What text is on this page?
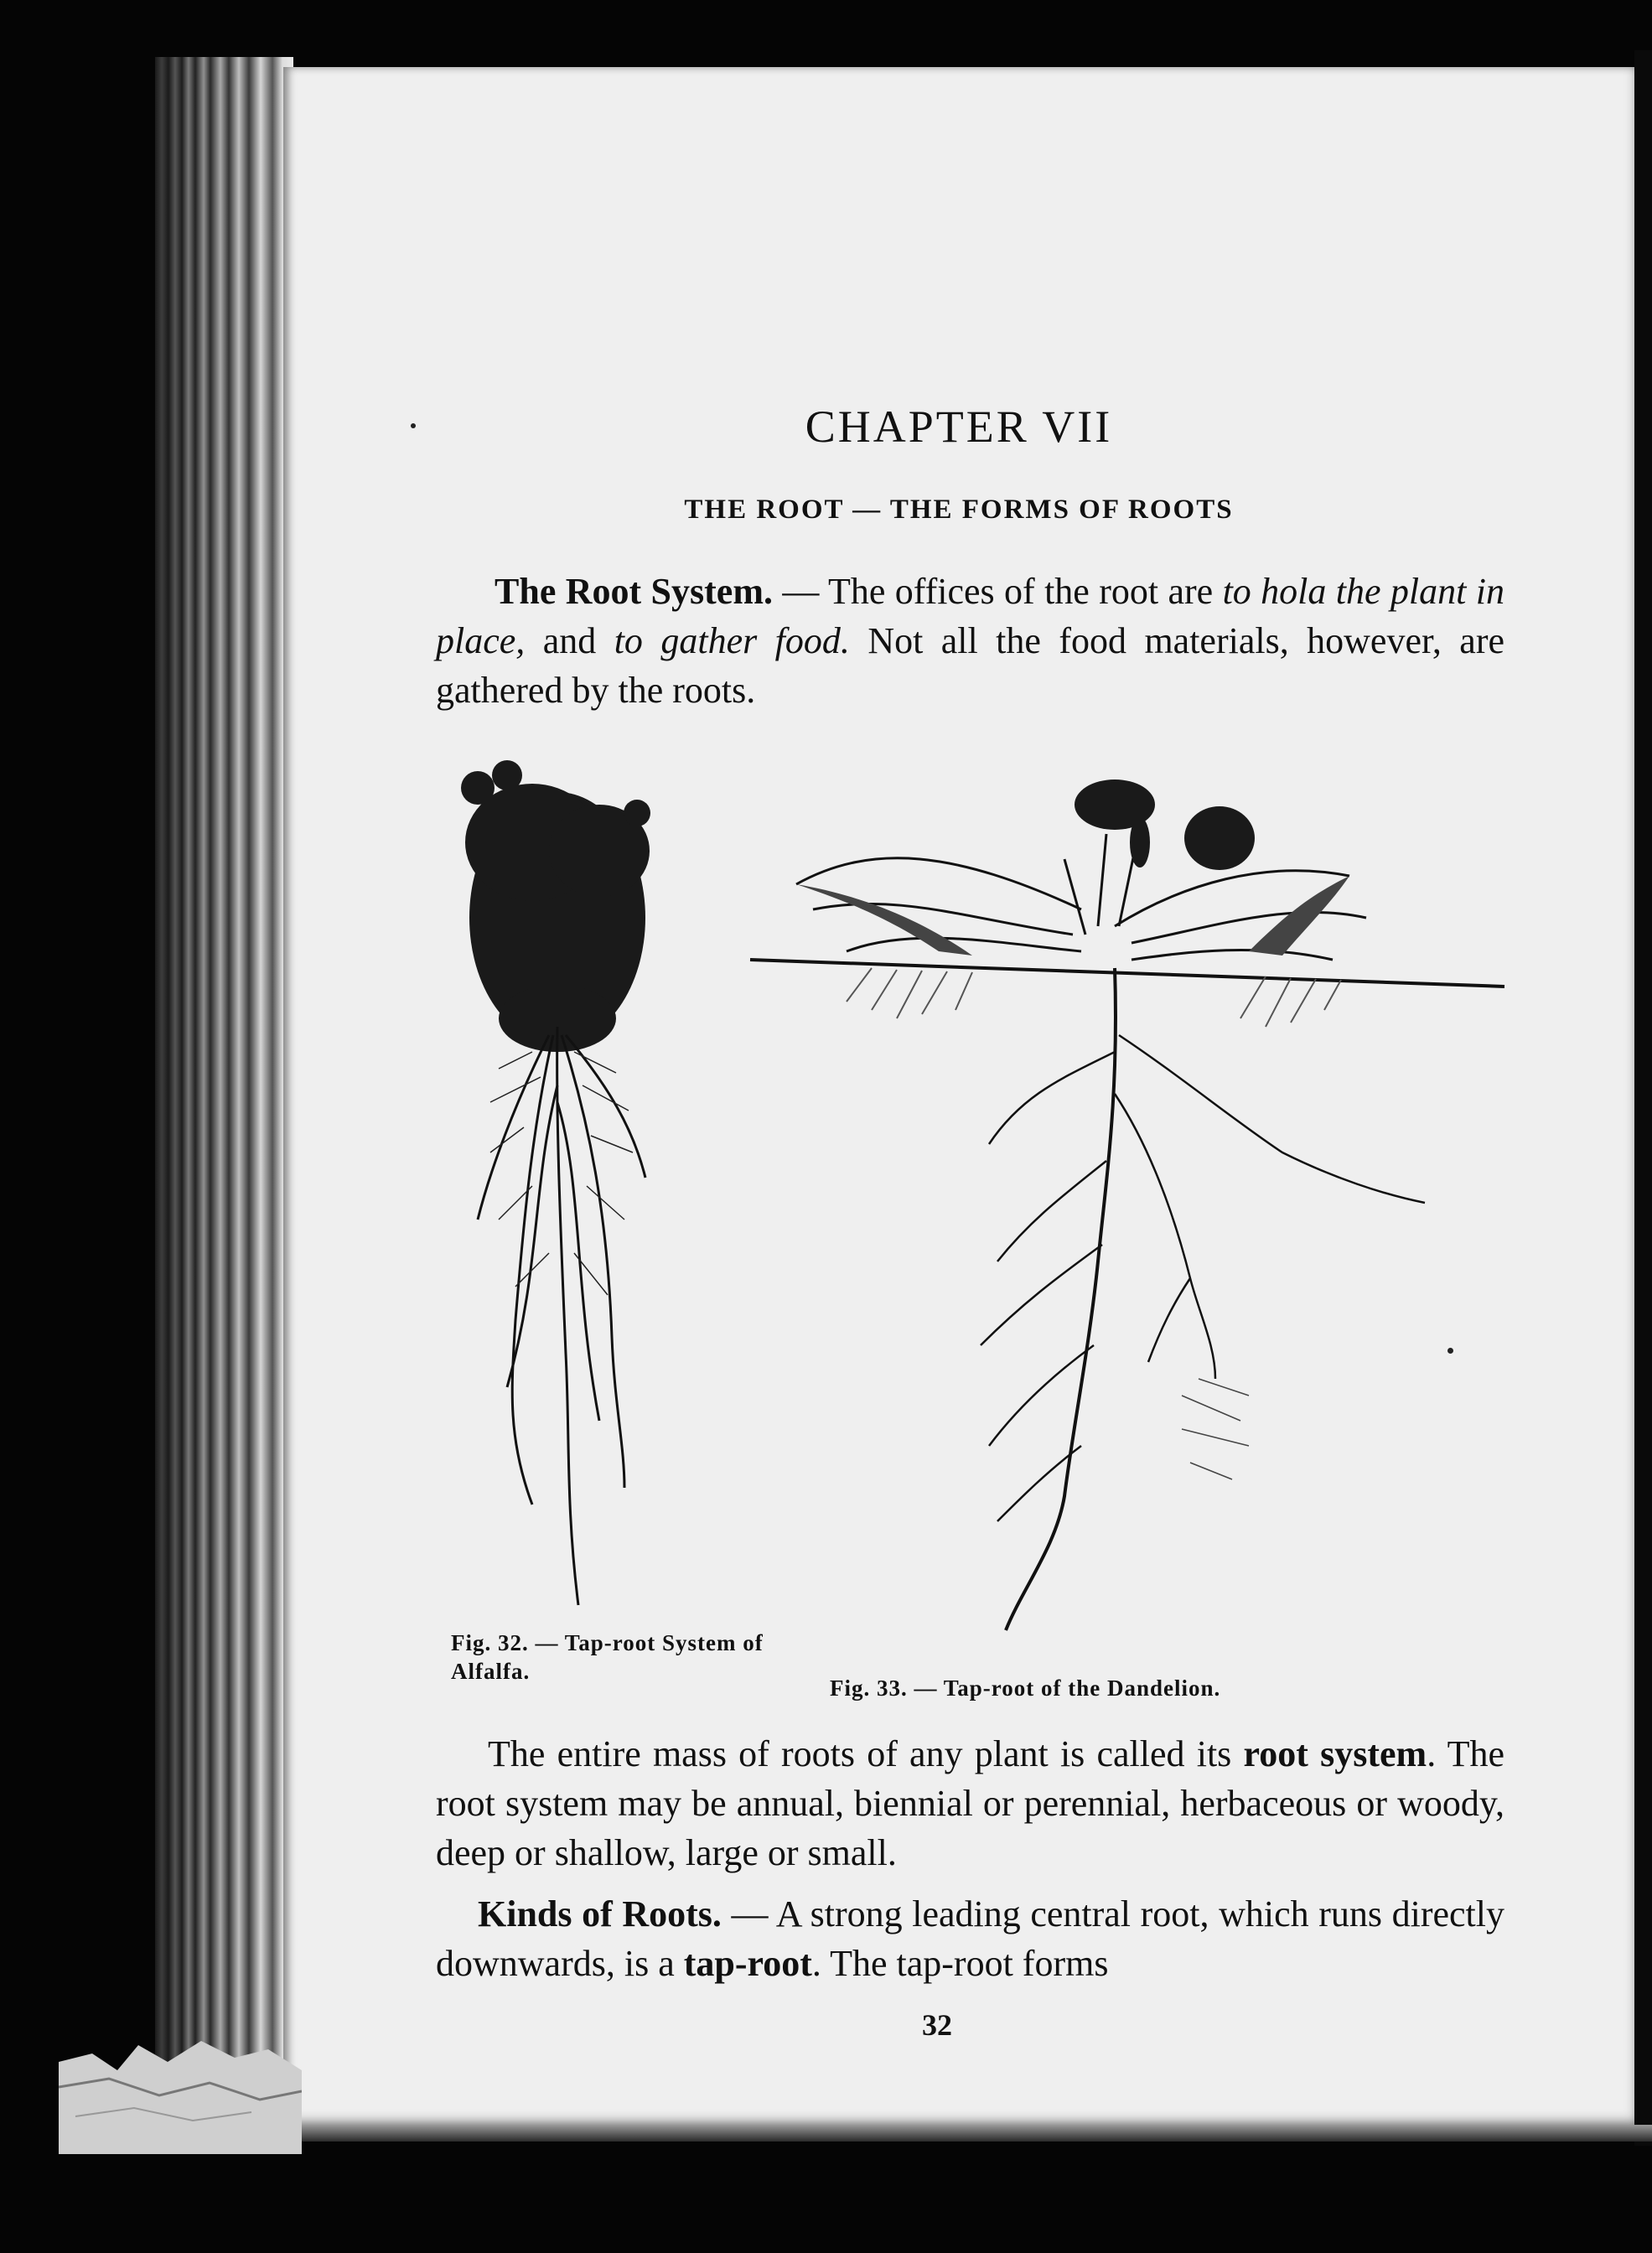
CHAPTER VII
THE ROOT — THE FORMS OF ROOTS
The Root System. — The offices of the root are to hola the plant in place, and to gather food. Not all the food materials, however, are gathered by the roots.
Fig. 32. — Tap-root System of Alfalfa.
Fig. 33. — Tap-root of the Dandelion.
The entire mass of roots of any plant is called its root system. The root system may be annual, biennial or perennial, herbaceous or woody, deep or shallow, large or small.
Kinds of Roots. — A strong leading central root, which runs directly downwards, is a tap-root. The tap-root forms
32
